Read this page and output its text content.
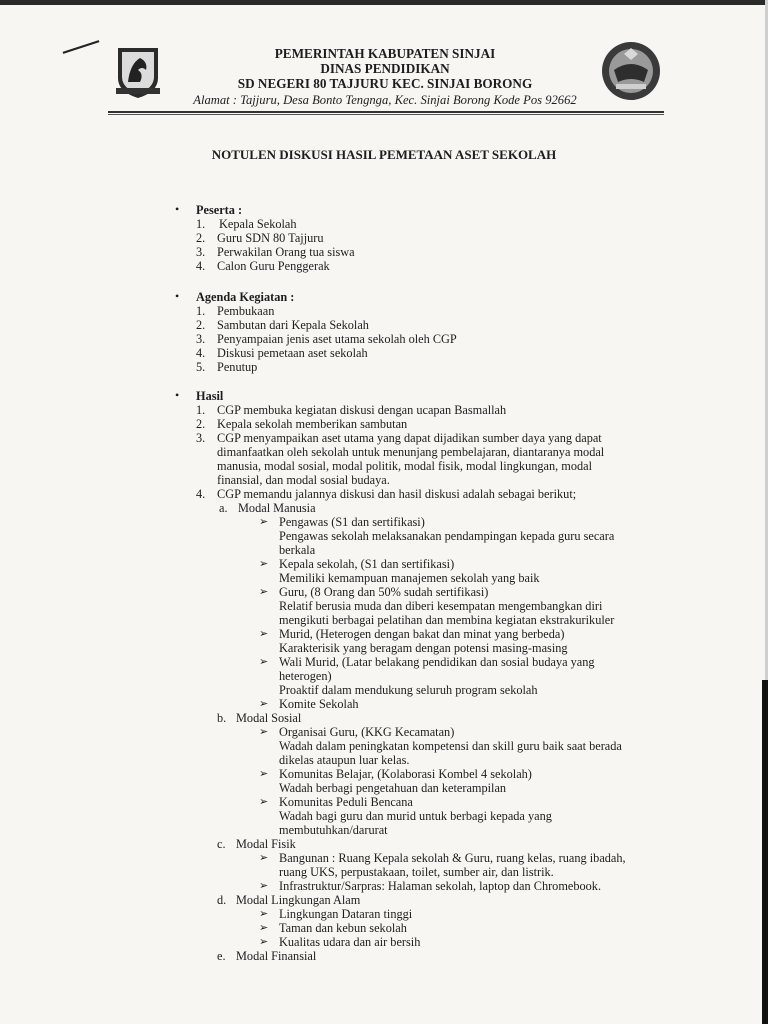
PEMERINTAH KABUPATEN SINJAI
DINAS PENDIDIKAN
SD NEGERI 80 TAJJURU KEC. SINJAI BORONG
Alamat : Tajjuru, Desa Bonto Tengnga, Kec. Sinjai Borong Kode Pos 92662
NOTULEN DISKUSI HASIL PEMETAAN ASET SEKOLAH
• Peserta :
1. Kepala Sekolah
2. Guru SDN 80 Tajjuru
3. Perwakilan Orang tua siswa
4. Calon Guru Penggerak
• Agenda Kegiatan :
1. Pembukaan
2. Sambutan dari Kepala Sekolah
3. Penyampaian jenis aset utama sekolah oleh CGP
4. Diskusi pemetaan aset sekolah
5. Penutup
• Hasil
1. CGP membuka kegiatan diskusi dengan ucapan Basmallah
2. Kepala sekolah memberikan sambutan
3. CGP menyampaikan aset utama yang dapat dijadikan sumber daya yang dapat
dimanfaatkan oleh sekolah untuk menunjang pembelajaran, diantaranya modal
manusia, modal sosial, modal politik, modal fisik, modal lingkungan, modal
finansial, dan modal sosial budaya.
4. CGP memandu jalannya diskusi dan hasil diskusi adalah sebagai berikut;
a. Modal Manusia
➢ Pengawas (S1 dan sertifikasi)
Pengawas sekolah melaksanakan pendampingan kepada guru secara
berkala
➢ Kepala sekolah, (S1 dan sertifikasi)
Memiliki kemampuan manajemen sekolah yang baik
➢ Guru, (8 Orang dan 50% sudah sertifikasi)
Relatif berusia muda dan diberi kesempatan mengembangkan diri
mengikuti berbagai pelatihan dan membina kegiatan ekstrakurikuler
➢ Murid, (Heterogen dengan bakat dan minat yang berbeda)
Karakterisik yang beragam dengan potensi masing-masing
➢ Wali Murid, (Latar belakang pendidikan dan sosial budaya yang
heterogen)
Proaktif dalam mendukung seluruh program sekolah
➢ Komite Sekolah
b. Modal Sosial
➢ Organisai Guru, (KKG Kecamatan)
Wadah dalam peningkatan kompetensi dan skill guru baik saat berada
dikelas ataupun luar kelas.
➢ Komunitas Belajar, (Kolaborasi Kombel 4 sekolah)
Wadah berbagi pengetahuan dan keterampilan
➢ Komunitas Peduli Bencana
Wadah bagi guru dan murid untuk berbagi kepada yang
membutuhkan/darurat
c. Modal Fisik
➢ Bangunan : Ruang Kepala sekolah & Guru, ruang kelas, ruang ibadah,
ruang UKS, perpustakaan, toilet, sumber air, dan listrik.
➢ Infrastruktur/Sarpras: Halaman sekolah, laptop dan Chromebook.
d. Modal Lingkungan Alam
➢ Lingkungan Dataran tinggi
➢ Taman dan kebun sekolah
➢ Kualitas udara dan air bersih
e. Modal Finansial
